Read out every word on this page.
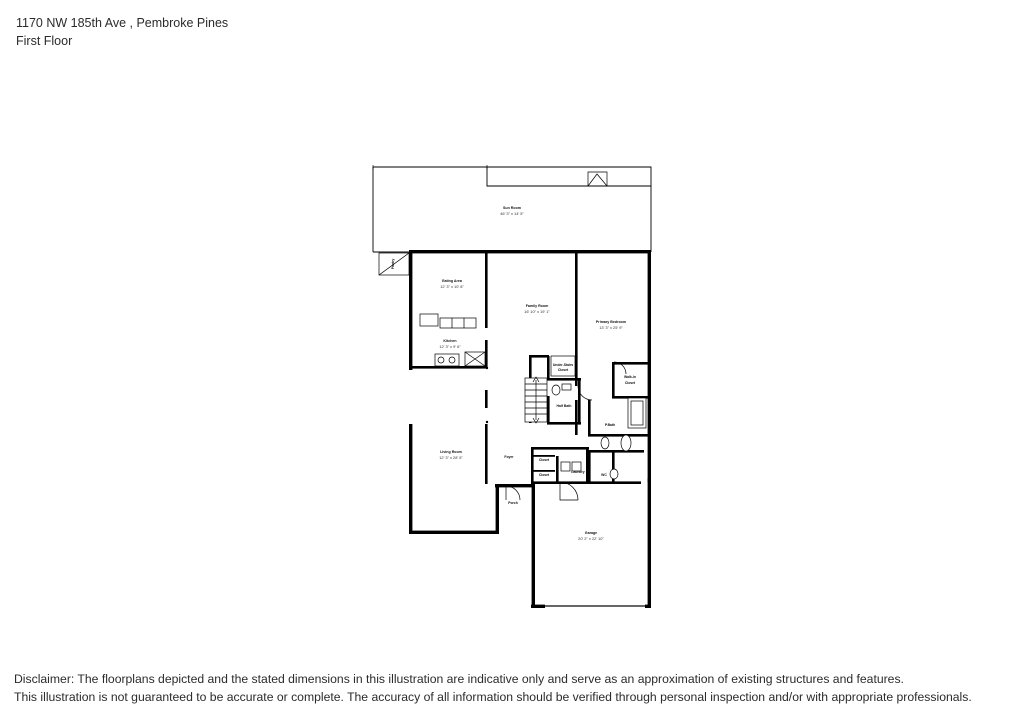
1170 NW 185th Ave , Pembroke Pines
First Floor
Sun Room
46' 3" x 14' 5"
Eating Area
12' 3" x 10' 8"
Family Room
16' 10" x 19' 1"
Primary Bedroom
13' 3" x 25' 9"
Kitchen
12' 3" x 9' 6"
Living Room
12' 3" x 28' 5"
Garage
20' 2" x 22' 10"
Walk-In
Closet
Under-Stairs
Closet
Half Bath
P.Bath
Foyer
Laundry
WC
Porch
Closet
Closet
Pantry
Disclaimer: The floorplans depicted and the stated dimensions in this illustration are indicative only and serve as an approximation of existing structures and features.
This illustration is not guaranteed to be accurate or complete. The accuracy of all information should be verified through personal inspection and/or with appropriate professionals.
